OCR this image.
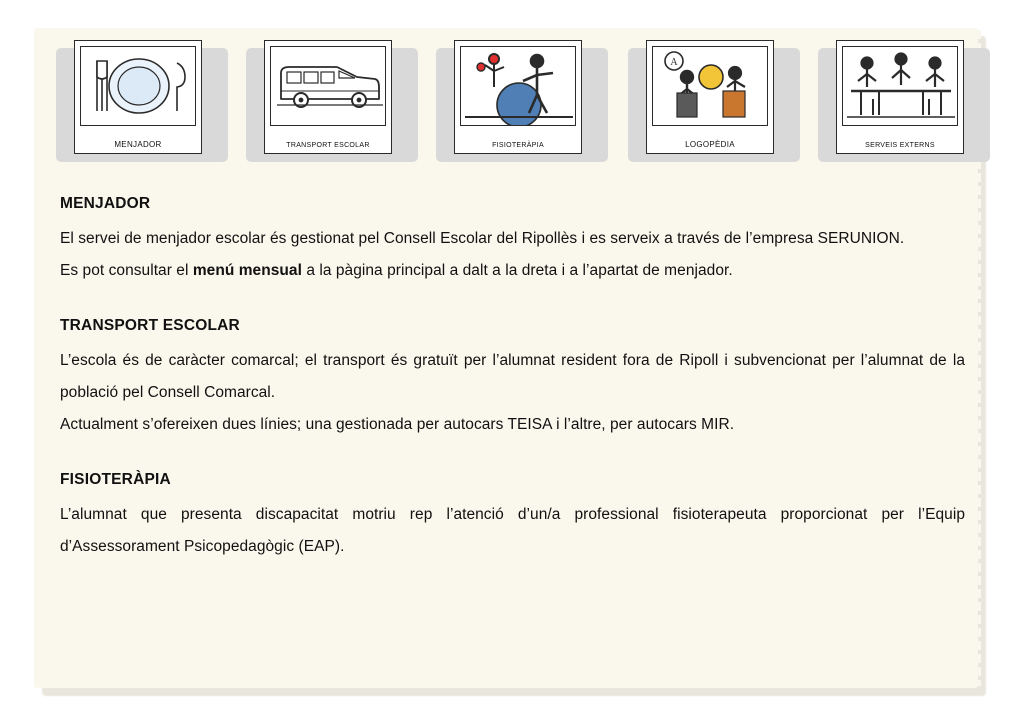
MENJADOR	TRANSPORT ESCOLAR	FISIOTERÀPIA
A
LOGOPÈDIA	SERVEIS EXTERNS
MENJADOR

El servei de menjador escolar és gestionat pel Consell Escolar del Ripollès i es serveix a través de l’empresa SERUNION.

Es pot consultar el menú mensual a la pàgina principal a dalt a la dreta i a l’apartat de menjador.

TRANSPORT ESCOLAR

L’escola és de caràcter comarcal; el transport és gratuït per l’alumnat resident fora de Ripoll i subvencionat per l’alumnat de la població pel Consell Comarcal.

Actualment s’ofereixen dues línies; una gestionada per autocars TEISA i l’altre, per autocars MIR.

FISIOTERÀPIA

L’alumnat que presenta discapacitat motriu rep l’atenció d’un/a professional fisioterapeuta proporcionat per l’Equip d’Assessorament Psicopedagògic (EAP).
